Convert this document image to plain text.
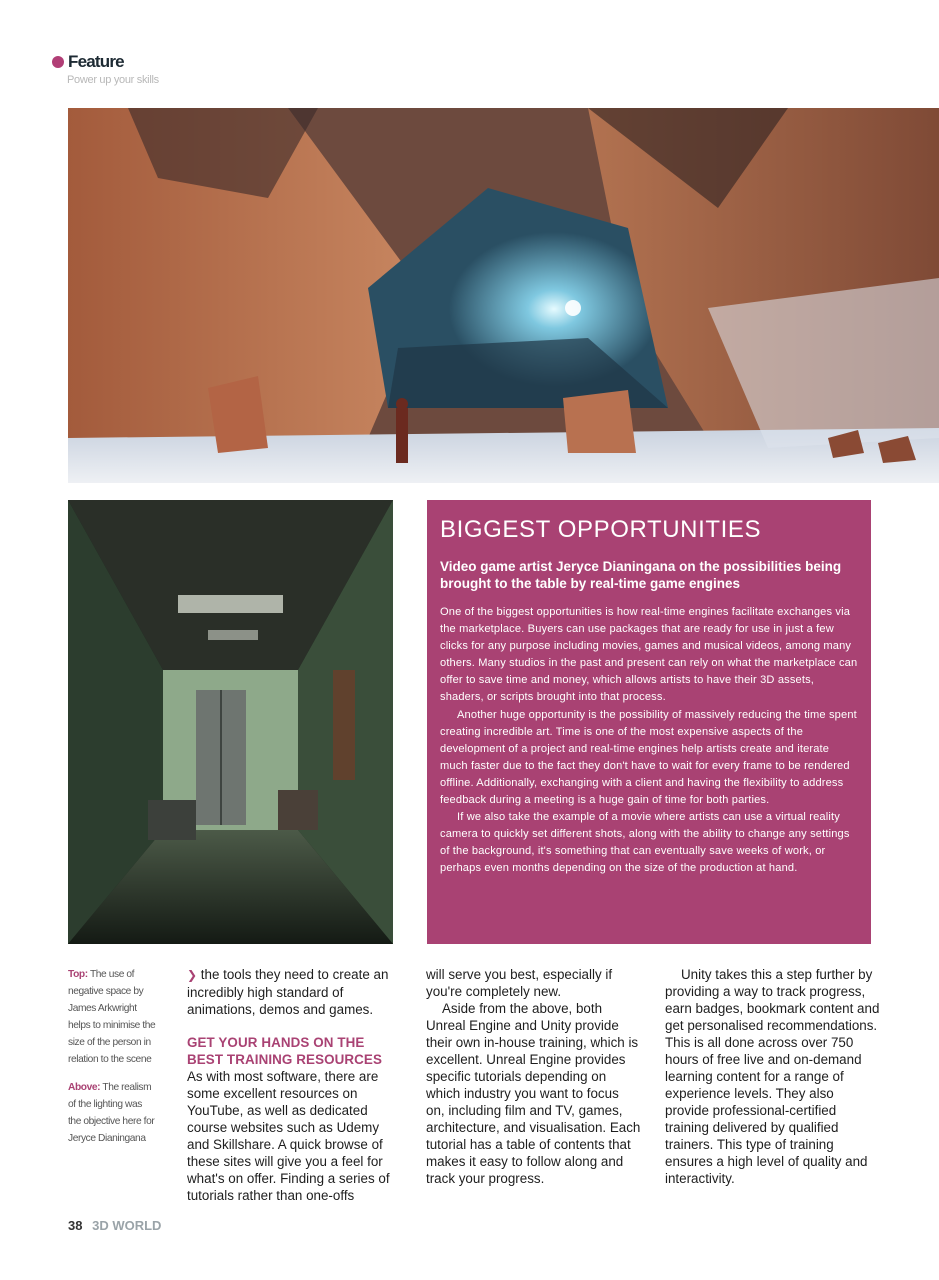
Feature
Power up your skills
BIGGEST OPPORTUNITIES

Video game artist Jeryce Dianingana on the possibilities being brought to the table by real-time game engines

One of the biggest opportunities is how real-time engines facilitate exchanges via the marketplace. Buyers can use packages that are ready for use in just a few clicks for any purpose including movies, games and musical videos, among many others. Many studios in the past and present can rely on what the marketplace can offer to save time and money, which allows artists to have their 3D assets, shaders, or scripts brought into that process.

Another huge opportunity is the possibility of massively reducing the time spent creating incredible art. Time is one of the most expensive aspects of the development of a project and real-time engines help artists create and iterate much faster due to the fact they don't have to wait for every frame to be rendered offline. Additionally, exchanging with a client and having the flexibility to address feedback during a meeting is a huge gain of time for both parties.

If we also take the example of a movie where artists can use a virtual reality camera to quickly set different shots, along with the ability to change any settings of the background, it's something that can eventually save weeks of work, or perhaps even months depending on the size of the production at hand.

Top: The use of negative space by James Arkwright helps to minimise the size of the person in relation to the scene

Above: The realism of the lighting was the objective here for Jeryce Dianingana

❯ the tools they need to create an incredibly high standard of animations, demos and games.

GET YOUR HANDS ON THE BEST TRAINING RESOURCES

As with most software, there are some excellent resources on YouTube, as well as dedicated course websites such as Udemy and Skillshare. A quick browse of these sites will give you a feel for what's on offer. Finding a series of tutorials rather than one-offs

will serve you best, especially if you're completely new.

Aside from the above, both Unreal Engine and Unity provide their own in-house training, which is excellent. Unreal Engine provides specific tutorials depending on which industry you want to focus on, including film and TV, games, architecture, and visualisation. Each tutorial has a table of contents that makes it easy to follow along and track your progress.

Unity takes this a step further by providing a way to track progress, earn badges, bookmark content and get personalised recommendations. This is all done across over 750 hours of free live and on-demand learning content for a range of experience levels. They also provide professional-certified training delivered by qualified trainers. This type of training ensures a high level of quality and interactivity.

38 3D WORLD
